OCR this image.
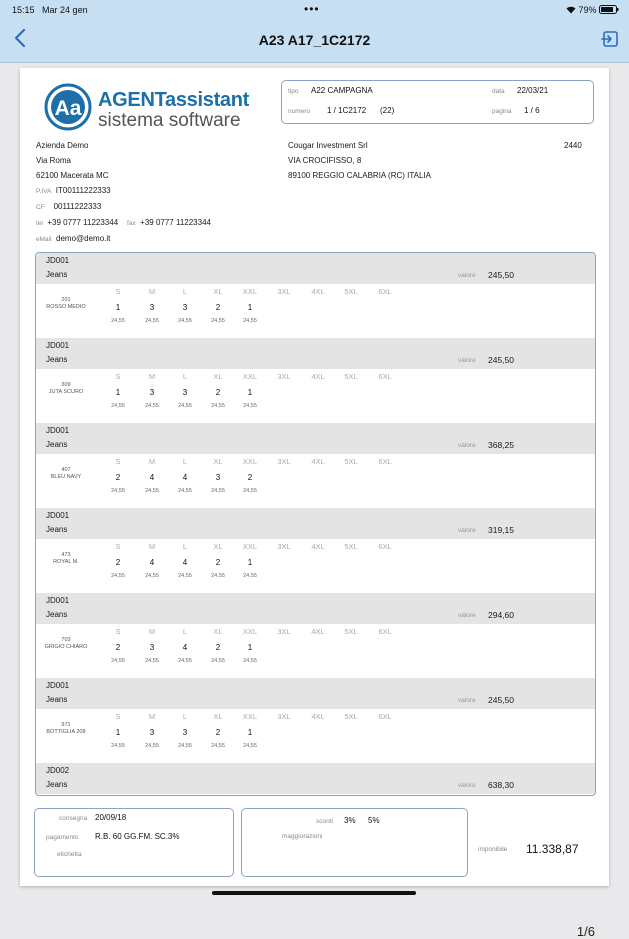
15:15 Mar 24 gen	•••	79%
A23 A17_1C2172
Aa AGENTassistant
sistema software
tipo A22 CAMPAGNA	data 22/03/21
numero 1 / 1C2172 (22)	pagina 1 / 6
Azienda Demo
Via Roma
62100 Macerata MC
P.IVA IT00111222333
CF 00111222333
tel +39 0777 11223344 fax +39 0777 11223344
eMail demo@demo.it
Cougar Investment Srl	2440
VIA CROCIFISSO, 8
89100 REGGIO CALABRIA (RC) ITALIA
JD001
Jeans	valore 245,50
201
ROSSO MEDIO
S	M	L	XL	XXL	3XL	4XL	5XL	6XL
1	3	3	2	1
24,55	24,55	24,55	24,55	24,55
JD001
Jeans	valore 245,50
309
JUTA SCURO
S	M	L	XL	XXL	3XL	4XL	5XL	6XL
1	3	3	2	1
24,55	24,55	24,55	24,55	24,55
JD001
Jeans	valore 368,25
407
BLEU NAVY
S	M	L	XL	XXL	3XL	4XL	5XL	6XL
2	4	4	3	2
24,55	24,55	24,55	24,55	24,55
JD001
Jeans	valore 319,15
473
ROYAL M.
S	M	L	XL	XXL	3XL	4XL	5XL	6XL
2	4	4	2	1
24,55	24,55	24,55	24,55	24,55
JD001
Jeans	valore 294,60
703
GRIGIO CHIARO
S	M	L	XL	XXL	3XL	4XL	5XL	6XL
2	3	4	2	1
24,55	24,55	24,55	24,55	24,55
JD001
Jeans	valore 245,50
971
BOTTIGLIA 208
S	M	L	XL	XXL	3XL	4XL	5XL	6XL
1	3	3	2	1
24,55	24,55	24,55	24,55	24,55
JD002
Jeans	valore 638,30
consegna 20/09/18
pagamento R.B. 60 GG.FM. SC.3%
etichetta
sconti 3% 5%
maggiorazioni
1/6
imponibile 11.338,87
